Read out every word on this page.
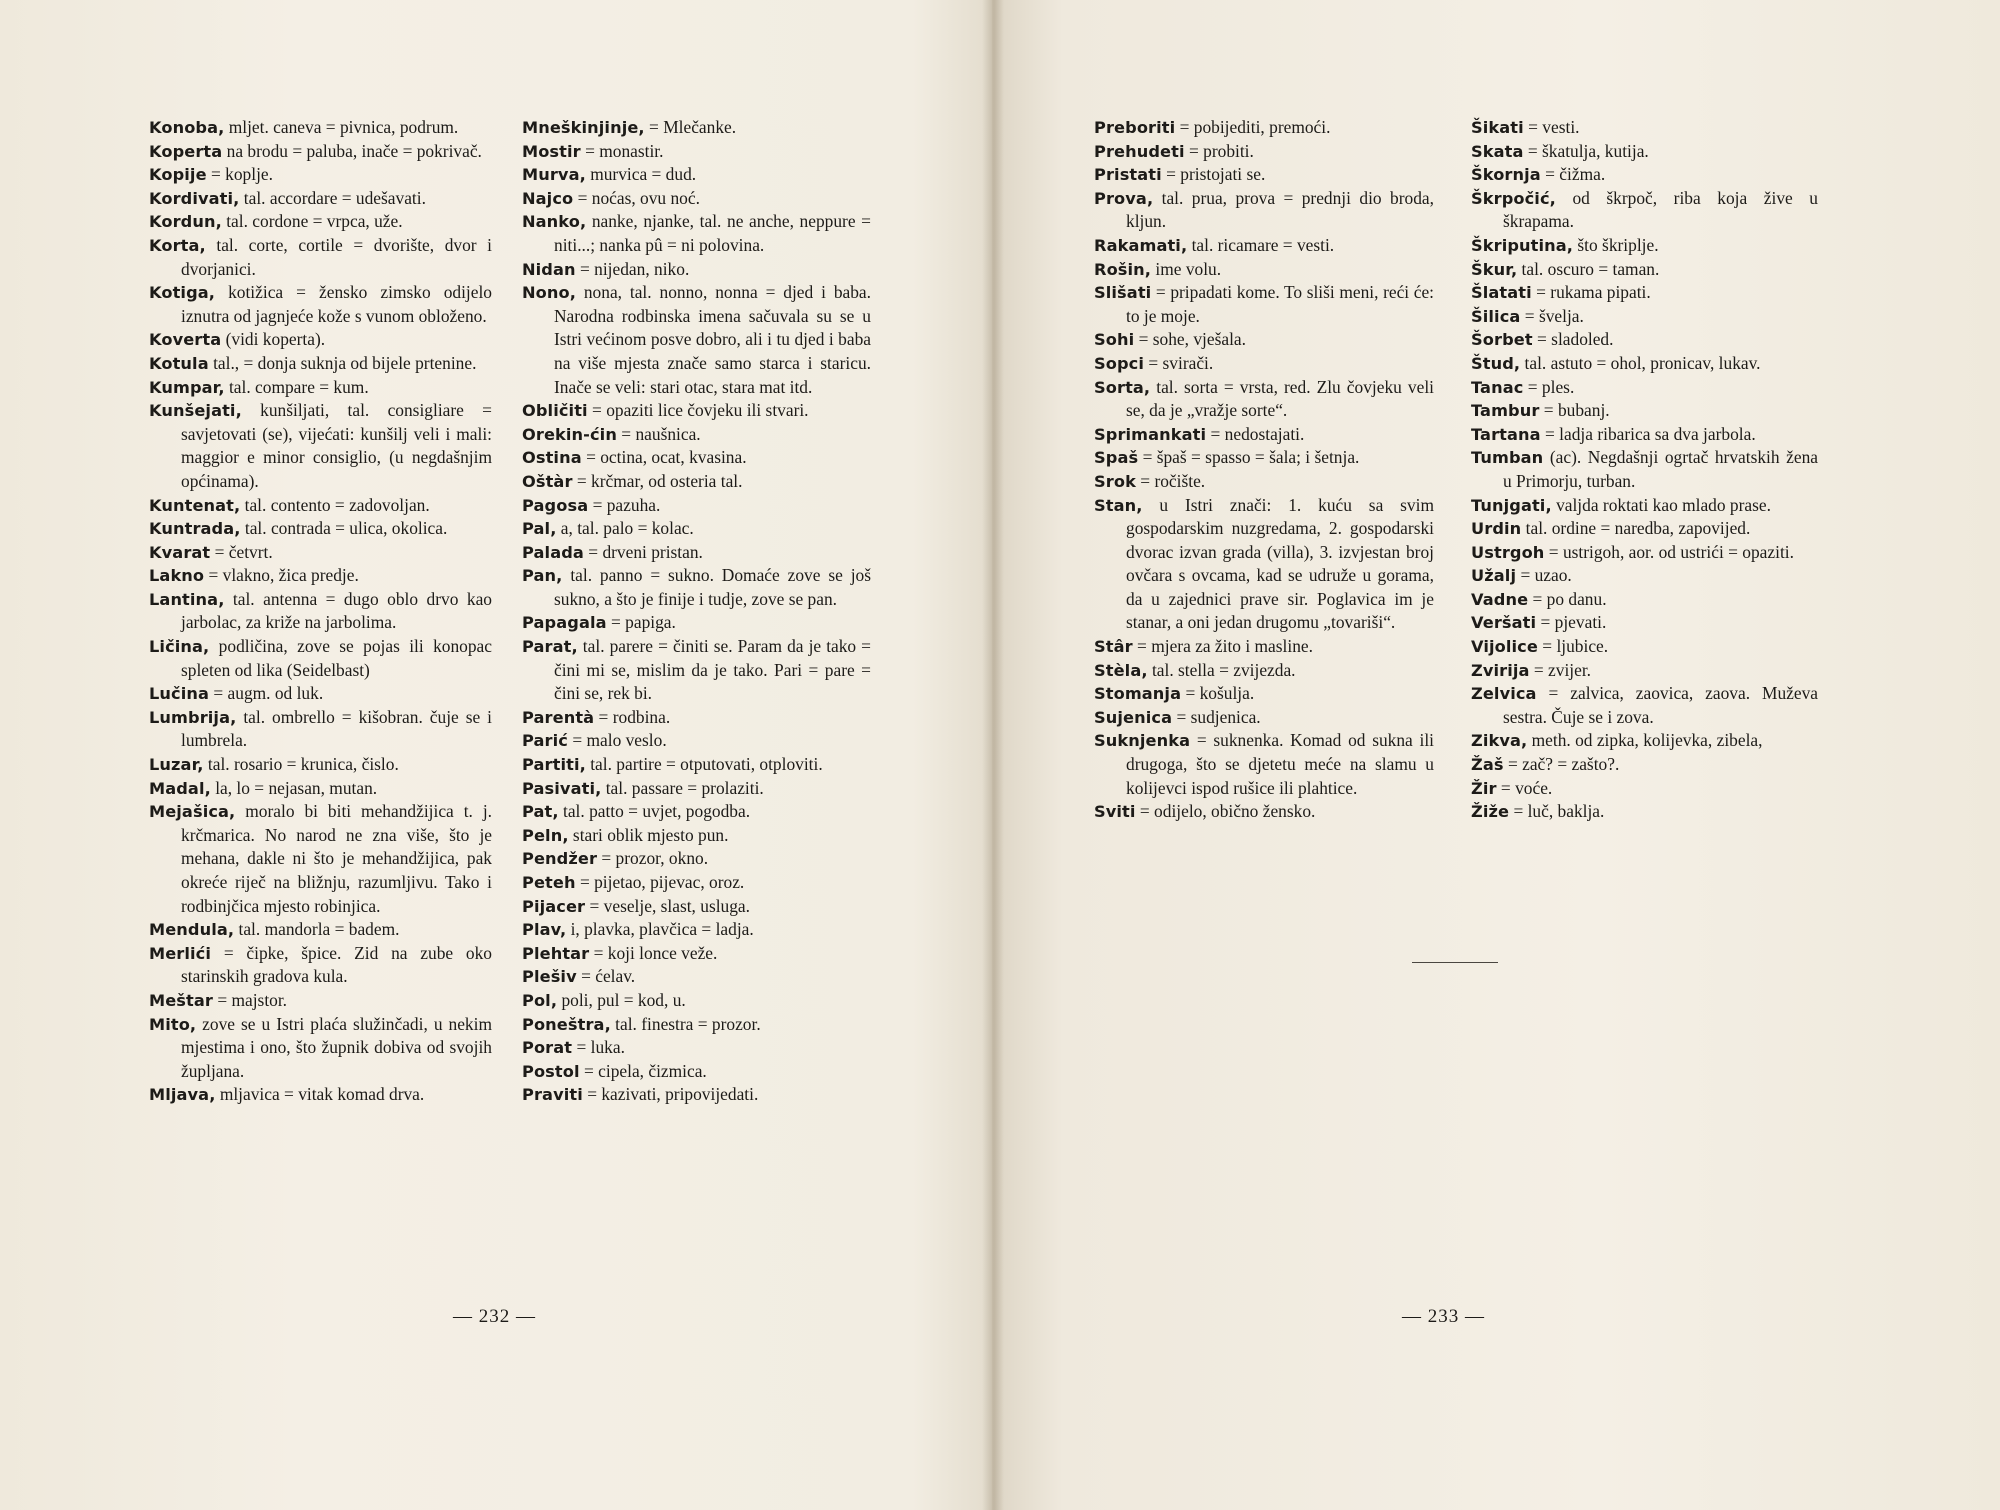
Konoba, mljet. caneva = pivnica, podrum.

Koperta na brodu = paluba, inače = pokrivač.

Kopije = koplje.

Kordivati, tal. accordare = udešavati.

Kordun, tal. cordone = vrpca, uže.

Korta, tal. corte, cortile = dvorište, dvor i dvorjanici.

Kotiga, kotižica = žensko zimsko odijelo iznutra od jagnjeće kože s vunom obloženo.

Koverta (vidi koperta).

Kotula tal., = donja suknja od bijele prtenine.

Kumpar, tal. compare = kum.

Kunšejati, kunšiljati, tal. consigliare = savjetovati (se), vijećati: kunšilj veli i mali: maggior e minor consiglio, (u negdašnjim općinama).

Kuntenat, tal. contento = zadovoljan.

Kuntrada, tal. contrada = ulica, okolica.

Kvarat = četvrt.

Lakno = vlakno, žica predje.

Lantina, tal. antenna = dugo oblo drvo kao jarbolac, za križe na jarbolima.

Ličina, podličina, zove se pojas ili konopac spleten od lika (Seidelbast)

Lučina = augm. od luk.

Lumbrija, tal. ombrello = kišobran. čuje se i lumbrela.

Luzar, tal. rosario = krunica, čislo.

Madal, la, lo = nejasan, mutan.

Mejašica, moralo bi biti mehandžijica t. j. krčmarica. No narod ne zna više, što je mehana, dakle ni što je mehandžijica, pak okreće riječ na bližnju, razumljivu. Tako i rodbinjčica mjesto robinjica.

Mendula, tal. mandorla = badem.

Merlići = čipke, špice. Zid na zube oko starinskih gradova kula.

Meštar = majstor.

Mito, zove se u Istri plaća služinčadi, u nekim mjestima i ono, što župnik dobiva od svojih župljana.

Mljava, mljavica = vitak komad drva.

Mneškinjinje, = Mlečanke.

Mostir = monastir.

Murva, murvica = dud.

Najco = noćas, ovu noć.

Nanko, nanke, njanke, tal. ne anche, neppure = niti...; nanka pû = ni polovina.

Nidan = nijedan, niko.

Nono, nona, tal. nonno, nonna = djed i baba. Narodna rodbinska imena sačuvala su se u Istri većinom posve dobro, ali i tu djed i baba na više mjesta znače samo starca i staricu. Inače se veli: stari otac, stara mat itd.

Obličiti = opaziti lice čovjeku ili stvari.

Orekin-ćin = naušnica.

Ostina = octina, ocat, kvasina.

Oštàr = krčmar, od osteria tal.

Pagosa = pazuha.

Pal, a, tal. palo = kolac.

Palada = drveni pristan.

Pan, tal. panno = sukno. Domaće zove se još sukno, a što je finije i tudje, zove se pan.

Papagala = papiga.

Parat, tal. parere = činiti se. Param da je tako = čini mi se, mislim da je tako. Pari = pare = čini se, rek bi.

Parentà = rodbina.

Parić = malo veslo.

Partiti, tal. partire = otputovati, otploviti.

Pasivati, tal. passare = prolaziti.

Pat, tal. patto = uvjet, pogodba.

Peln, stari oblik mjesto pun.

Pendžer = prozor, okno.

Peteh = pijetao, pijevac, oroz.

Pijacer = veselje, slast, usluga.

Plav, i, plavka, plavčica = ladja.

Plehtar = koji lonce veže.

Plešiv = ćelav.

Pol, poli, pul = kod, u.

Poneštra, tal. finestra = prozor.

Porat = luka.

Postol = cipela, čizmica.

Praviti = kazivati, pripovijedati.

— 232 —

Preboriti = pobijediti, premoći.

Prehudeti = probiti.

Pristati = pristojati se.

Prova, tal. prua, prova = prednji dio broda, kljun.

Rakamati, tal. ricamare = vesti.

Rošin, ime volu.

Slišati = pripadati kome. To sliši meni, reći će: to je moje.

Sohi = sohe, vješala.

Sopci = svirači.

Sorta, tal. sorta = vrsta, red. Zlu čovjeku veli se, da je „vražje sorte“.

Sprimankati = nedostajati.

Spaš = špaš = spasso = šala; i šetnja.

Srok = ročište.

Stan, u Istri znači: 1. kuću sa svim gospodarskim nuzgredama, 2. gospodarski dvorac izvan grada (villa), 3. izvjestan broj ovčara s ovcama, kad se udruže u gorama, da u zajednici prave sir. Poglavica im je stanar, a oni jedan drugomu „tovariši“.

Stâr = mjera za žito i masline.

Stèla, tal. stella = zvijezda.

Stomanja = košulja.

Sujenica = sudjenica.

Suknjenka = suknenka. Komad od sukna ili drugoga, što se djetetu meće na slamu u kolijevci ispod rušice ili plahtice.

Sviti = odijelo, obično žensko.

Šikati = vesti.

Skata = škatulja, kutija.

Škornja = čižma.

Škrpočić, od škrpoč, riba koja žive u škrapama.

Škriputina, što škriplje.

Škur, tal. oscuro = taman.

Šlatati = rukama pipati.

Šilica = švelja.

Šorbet = sladoled.

Štud, tal. astuto = ohol, pronicav, lukav.

Tanac = ples.

Tambur = bubanj.

Tartana = ladja ribarica sa dva jarbola.

Tumban (ac). Negdašnji ogrtač hrvatskih žena u Primorju, turban.

Tunjgati, valjda roktati kao mlado prase.

Urdin tal. ordine = naredba, zapovijed.

Ustrgoh = ustrigoh, aor. od ustrići = opaziti.

Užalj = uzao.

Vadne = po danu.

Veršati = pjevati.

Vijolice = ljubice.

Zvirija = zvijer.

Zelvica = zalvica, zaovica, zaova. Muževa sestra. Čuje se i zova.

Zikva, meth. od zipka, kolijevka, zibela,

Žaš = zač? = zašto?.

Žir = voće.

Žiže = luč, baklja.

— 233 —
